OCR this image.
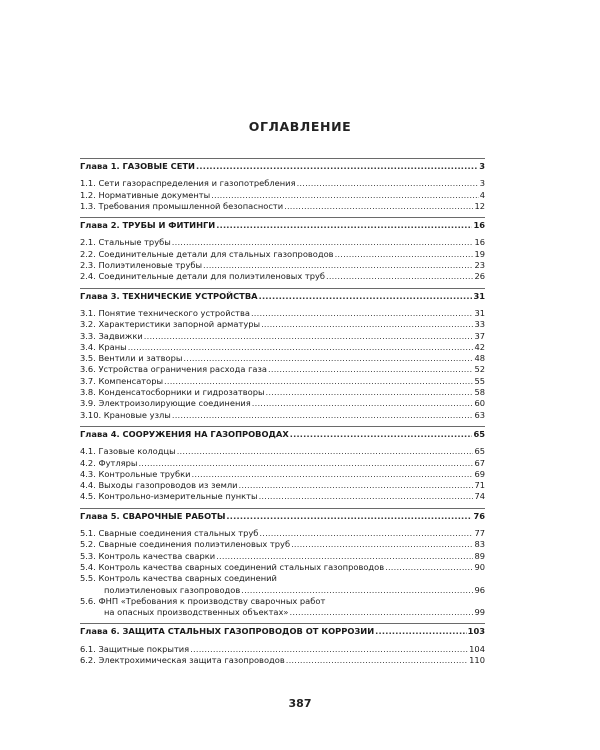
ОГЛАВЛЕНИЕ
Глава 1. ГАЗОВЫЕ СЕТИ .....	3
1.1. Сети газораспределения и газопотребления .....	3
1.2. Нормативные документы .....	4
1.3. Требования промышленной безопасности .....	12
Глава 2. ТРУБЫ И ФИТИНГИ .....	16
2.1. Стальные трубы .....	16
2.2. Соединительные детали для стальных газопроводов .....	19
2.3. Полиэтиленовые трубы .....	23
2.4. Соединительные детали для полиэтиленовых труб .....	26
Глава 3. ТЕХНИЧЕСКИЕ УСТРОЙСТВА .....	31
3.1. Понятие технического устройства .....	31
3.2. Характеристики запорной арматуры .....	33
3.3. Задвижки .....	37
3.4. Краны .....	42
3.5. Вентили и затворы .....	48
3.6. Устройства ограничения расхода газа .....	52
3.7. Компенсаторы .....	55
3.8. Конденсатосборники и гидрозатворы .....	58
3.9. Электроизолирующие соединения .....	60
3.10. Крановые узлы .....	63
Глава 4. СООРУЖЕНИЯ НА ГАЗОПРОВОДАХ .....	65
4.1. Газовые колодцы .....	65
4.2. Футляры .....	67
4.3. Контрольные трубки .....	69
4.4. Выходы газопроводов из земли .....	71
4.5. Контрольно-измерительные пункты .....	74
Глава 5. СВАРОЧНЫЕ РАБОТЫ .....	76
5.1. Сварные соединения стальных труб .....	77
5.2. Сварные соединения полиэтиленовых труб .....	83
5.3. Контроль качества сварки .....	89
5.4. Контроль качества сварных соединений стальных газопроводов .....	90
5.5. Контроль качества сварных соединений
полиэтиленовых газопроводов .....	96
5.6. ФНП «Требования к производству сварочных работ
на опасных производственных объектах» .....	99
Глава 6. ЗАЩИТА СТАЛЬНЫХ ГАЗОПРОВОДОВ ОТ КОРРОЗИИ .....	103
6.1. Защитные покрытия .....	104
6.2. Электрохимическая защита газопроводов .....	110
387
